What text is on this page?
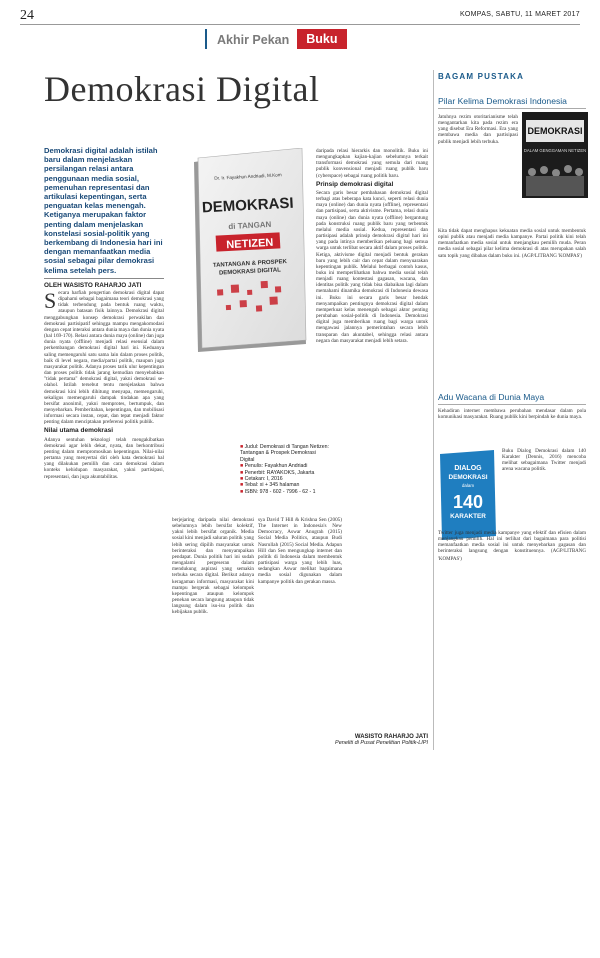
24	KOMPAS, SABTU, 11 MARET 2017
Akhir Pekan	Buku
Demokrasi Digital
Demokrasi digital adalah istilah baru dalam menjelaskan persilangan relasi antara penggunaan media sosial, pemenuhan representasi dan artikulasi kepentingan, serta penguatan kelas menengah. Ketiganya merupakan faktor penting dalam menjelaskan konstelasi sosial-politik yang berkembang di Indonesia hari ini dengan memanfaatkan media sosial sebagai pilar demokrasi kelima setelah pers.
OLEH WASISTO RAHARJO JATI
S ecara harfiah pengertian demokrasi digital dapat dipahami sebagai bagaimana teori demokrasi yang tidak terbendung pada bentuk ruang waktu, ataupun batasan fisik lainnya. Demokrasi digital menggabungkan konsep demokrasi perwakilan dan demokrasi partisipatif sehingga mampu mengakomodasi dengan cepat interaksi antara dunia maya dan dunia nyata (hal 169-170). Relasi antara dunia maya (online) dan juga dunia nyata (offline) menjadi relasi esensial dalam perkembangan demokrasi digital hari ini. Keduanya saling memengaruhi satu sama lain dalam proses politik, baik di level negara, media/partai politik, maupun juga masyarakat politik. Adanya proses tarik ulur kepentingan dan proses politik tidak jarang kemudian menyebabkan "tidak pertama" demokrasi digital, yakni demokrasi se-olahol. Istilah tersebut tentu menjelaskan bahwa demokrasi kini lebih dihitung menyapa, memengaruhi, sekaligus memengaruhi dampak tindakan apa yang bersifat anonimil, yakni memprotes, bertumpuk, dan menyebarkan. Pemberitahan, kepentingan, dan mobilisasi informasi secara instan, cepat, dan tepat menjadi faktor penting dalam menciptakan preferensi politik publik.
Nilai utama demokrasi

Adanya sentuhan teknologi telah mengakibatkan demokrasi agar lebih dekat, nyata, dan berkontribusi penting dalam mempromosikan kepentingan. Nilai-nilai pertama yang menyertai diri oleh kata demokrasi hal yang dilakukan pemilih dan cara demokrasi dalam konteks kehidupan masyarakat, yakni partisipasi, representasi, dan juga akuntabilitas.

Dr. Ir. Fayakhun Andriadi, M.Kom
DEMOKRASI
di TANGAN
NETIZEN
TANTANGAN & PROSPEK
DEMOKRASI DIGITAL
■ Judul: Demokrasi di Tangan Netizen: Tantangan & Prospek Demokrasi Digital
■ Penulis: Fayakhun Andriadi
■ Penerbit: RAYAKOKS, Jakarta
■ Cetakan: I, 2016
■ Tebal: xi + 345 halaman
■ ISBN: 978 - 602 - 7996 - 62 - 1
berjejaring daripada nilai demokrasi sebelumnya lebih bersifat kolektif, yakni lebih bersifat organik. Media sosial kini menjadi saluran politik yang lebih sering dipilih masyarakat untuk berinteraksi dan menyampaikan pendapat. Dunia politik hari ini sudah mengalami pergeseran dalam mendukung aspirasi yang semakin terbuka secara digital. Berikut adanya keragaman informasi, masyarakat kini mampu bergerak sebagai kelompok kepentingan ataupun kelompok penekan secara langsung ataupun tidak langsung dalam isu-isu politik dan kebijakan publik.
sya David T Hill & Krishna Sen (2005) The Internet in Indonesia's New Democracy, Aswar Anugrah (2015) Social Media Politics, ataupun Budi Nasrullah (2015) Social Media. Adapun Hill dan Sen mengungkap internet dan politik di Indonesia dalam membentuk partisipasi warga yang lebih luas, sedangkan Aswar melihat bagaimana media sosial digunakan dalam kampanye politik dan gerakan massa.
daripada relasi hierarkis dan monolitik. Buku ini mengungkapkan kajian-kajian sebelumnya terkait transformasi demokrasi yang semula dari ruang publik konvensional menjadi ruang publik baru (cyberspace) sebagai ruang politik baru.
Prinsip demokrasi digital
Secara garis besar pembahasan demokrasi digital terbagi atas beberapa kata kunci, seperti relasi dunia maya (online) dan dunia nyata (offline), representasi dan partisipasi, serta aktivisme. Pertama, relasi dunia maya (online) dan dunia nyata (offline) bergantung pada konstruksi ruang publik baru yang terbentuk melalui media sosial. Kedua, representasi dan partisipasi adalah prinsip demokrasi digital hari ini yang pada intinya memberikan peluang bagi semua warga untuk terlibat secara aktif dalam proses politik. Ketiga, aktivisme digital menjadi bentuk gerakan baru yang lebih cair dan cepat dalam menyuarakan kepentingan publik. Melalui berbagai contoh kasus, buku ini memperlihatkan bahwa media sosial telah menjadi ruang kontestasi gagasan, wacana, dan identitas politik yang tidak bisa diabaikan lagi dalam memahami dinamika demokrasi di Indonesia dewasa ini. Buku ini secara garis besar hendak menyampaikan pentingnya demokrasi digital dalam memperkuat kelas menengah sebagai aktor penting perubahan sosial-politik di Indonesia. Demokrasi digital juga memberikan ruang bagi warga untuk mengawasi jalannya pemerintahan secara lebih transparan dan akuntabel, sehingga relasi antara negara dan masyarakat menjadi lebih setara.
WASISTO RAHARJO JATI
Peneliti di Pusat Penelitian Politik-LIPI
BAGAM PUSTAKA
Pilar Kelima Demokrasi Indonesia
Jatuhnya rezim otoritarianisme telah mengantarkan kita pada rezim era yang disebut Era Reformasi. Era yang membawa media dan partisipasi publik menjadi lebih terbuka.
DEMOKRASI
DALAM GENGGAMAN NETIZEN
Kita tidak dapat menghapus kekuatan media sosial untuk membentuk opini publik atau menjadi media kampanye. Partai politik kini telah memanfaatkan media sosial untuk menjangkau pemilih muda. Peran media sosial sebagai pilar kelima demokrasi di atas merupakan salah satu topik yang dibahas dalam buku ini. (AGP/LITBANG 'KOMPAS')
Adu Wacana di Dunia Maya
Kehadiran internet membawa perubahan mendasar dalam pola komunikasi masyarakat. Ruang publik kini berpindah ke dunia maya.
DIALOG
DEMOKRASI
dalam
140
KARAKTER
Buku Dialog Demokrasi dalam 140 Karakter (Dennis, 2016) mencoba melihat sebagaimana Twitter menjadi arena wacana politik.
Twitter juga menjadi media kampanye yang efektif dan efisien dalam menjangkau pemilih. Hal ini terlihat dari bagaimana para politisi memanfaatkan media sosial ini untuk menyebarkan gagasan dan berinteraksi langsung dengan konstituennya. (AGP/LITBANG 'KOMPAS')
